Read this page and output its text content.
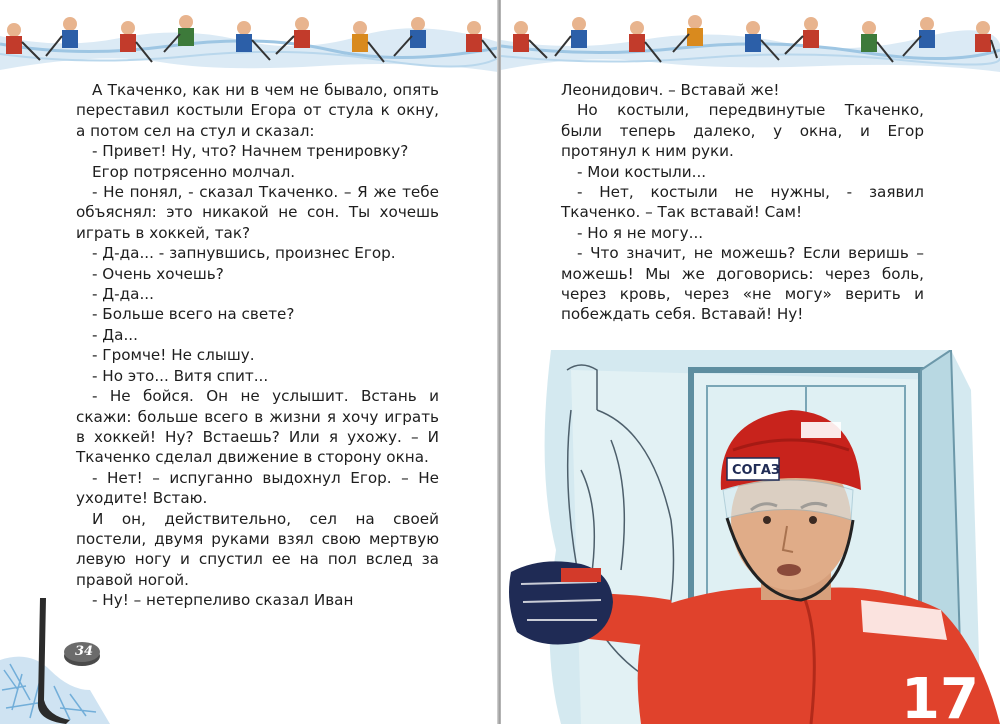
А Ткаченко, как ни в чем не бывало, опять переставил костыли Егора от стула к окну, а потом сел на стул и сказал:

- Привет! Ну, что? Начнем тренировку?

Егор потрясенно молчал.

- Не понял, - сказал Ткаченко. – Я же тебе объяснял: это никакой не сон. Ты хочешь играть в хоккей, так?

- Д-да... - запнувшись, произнес Егор.

- Очень хочешь?

- Д-да...

- Больше всего на свете?

- Да...

- Громче! Не слышу.

- Но это... Витя спит...

- Не бойся. Он не услышит. Встань и скажи: больше всего в жизни я хочу играть в хоккей! Ну? Встаешь? Или я ухожу. – И Ткаченко сделал движение в сторону окна.

- Нет! – испуганно выдохнул Егор. – Не уходите! Встаю.

И он, действительно, сел на своей постели, двумя руками взял свою мертвую левую ногу и спустил ее на пол вслед за правой ногой.

- Ну! – нетерпеливо сказал Иван

34

Леонидович. – Вставай же!

Но костыли, передвинутые Ткаченко, были теперь далеко, у окна, и Егор протянул к ним руки.

- Мои костыли...

- Нет, костыли не нужны, - заявил Ткаченко. – Так вставай! Сам!

- Но я не могу...

- Что значит, не можешь? Если веришь – можешь! Мы же договорись: через боль, через кровь, через «не могу» верить и побеждать себя. Вставай! Ну!

17
СОГАЗ
